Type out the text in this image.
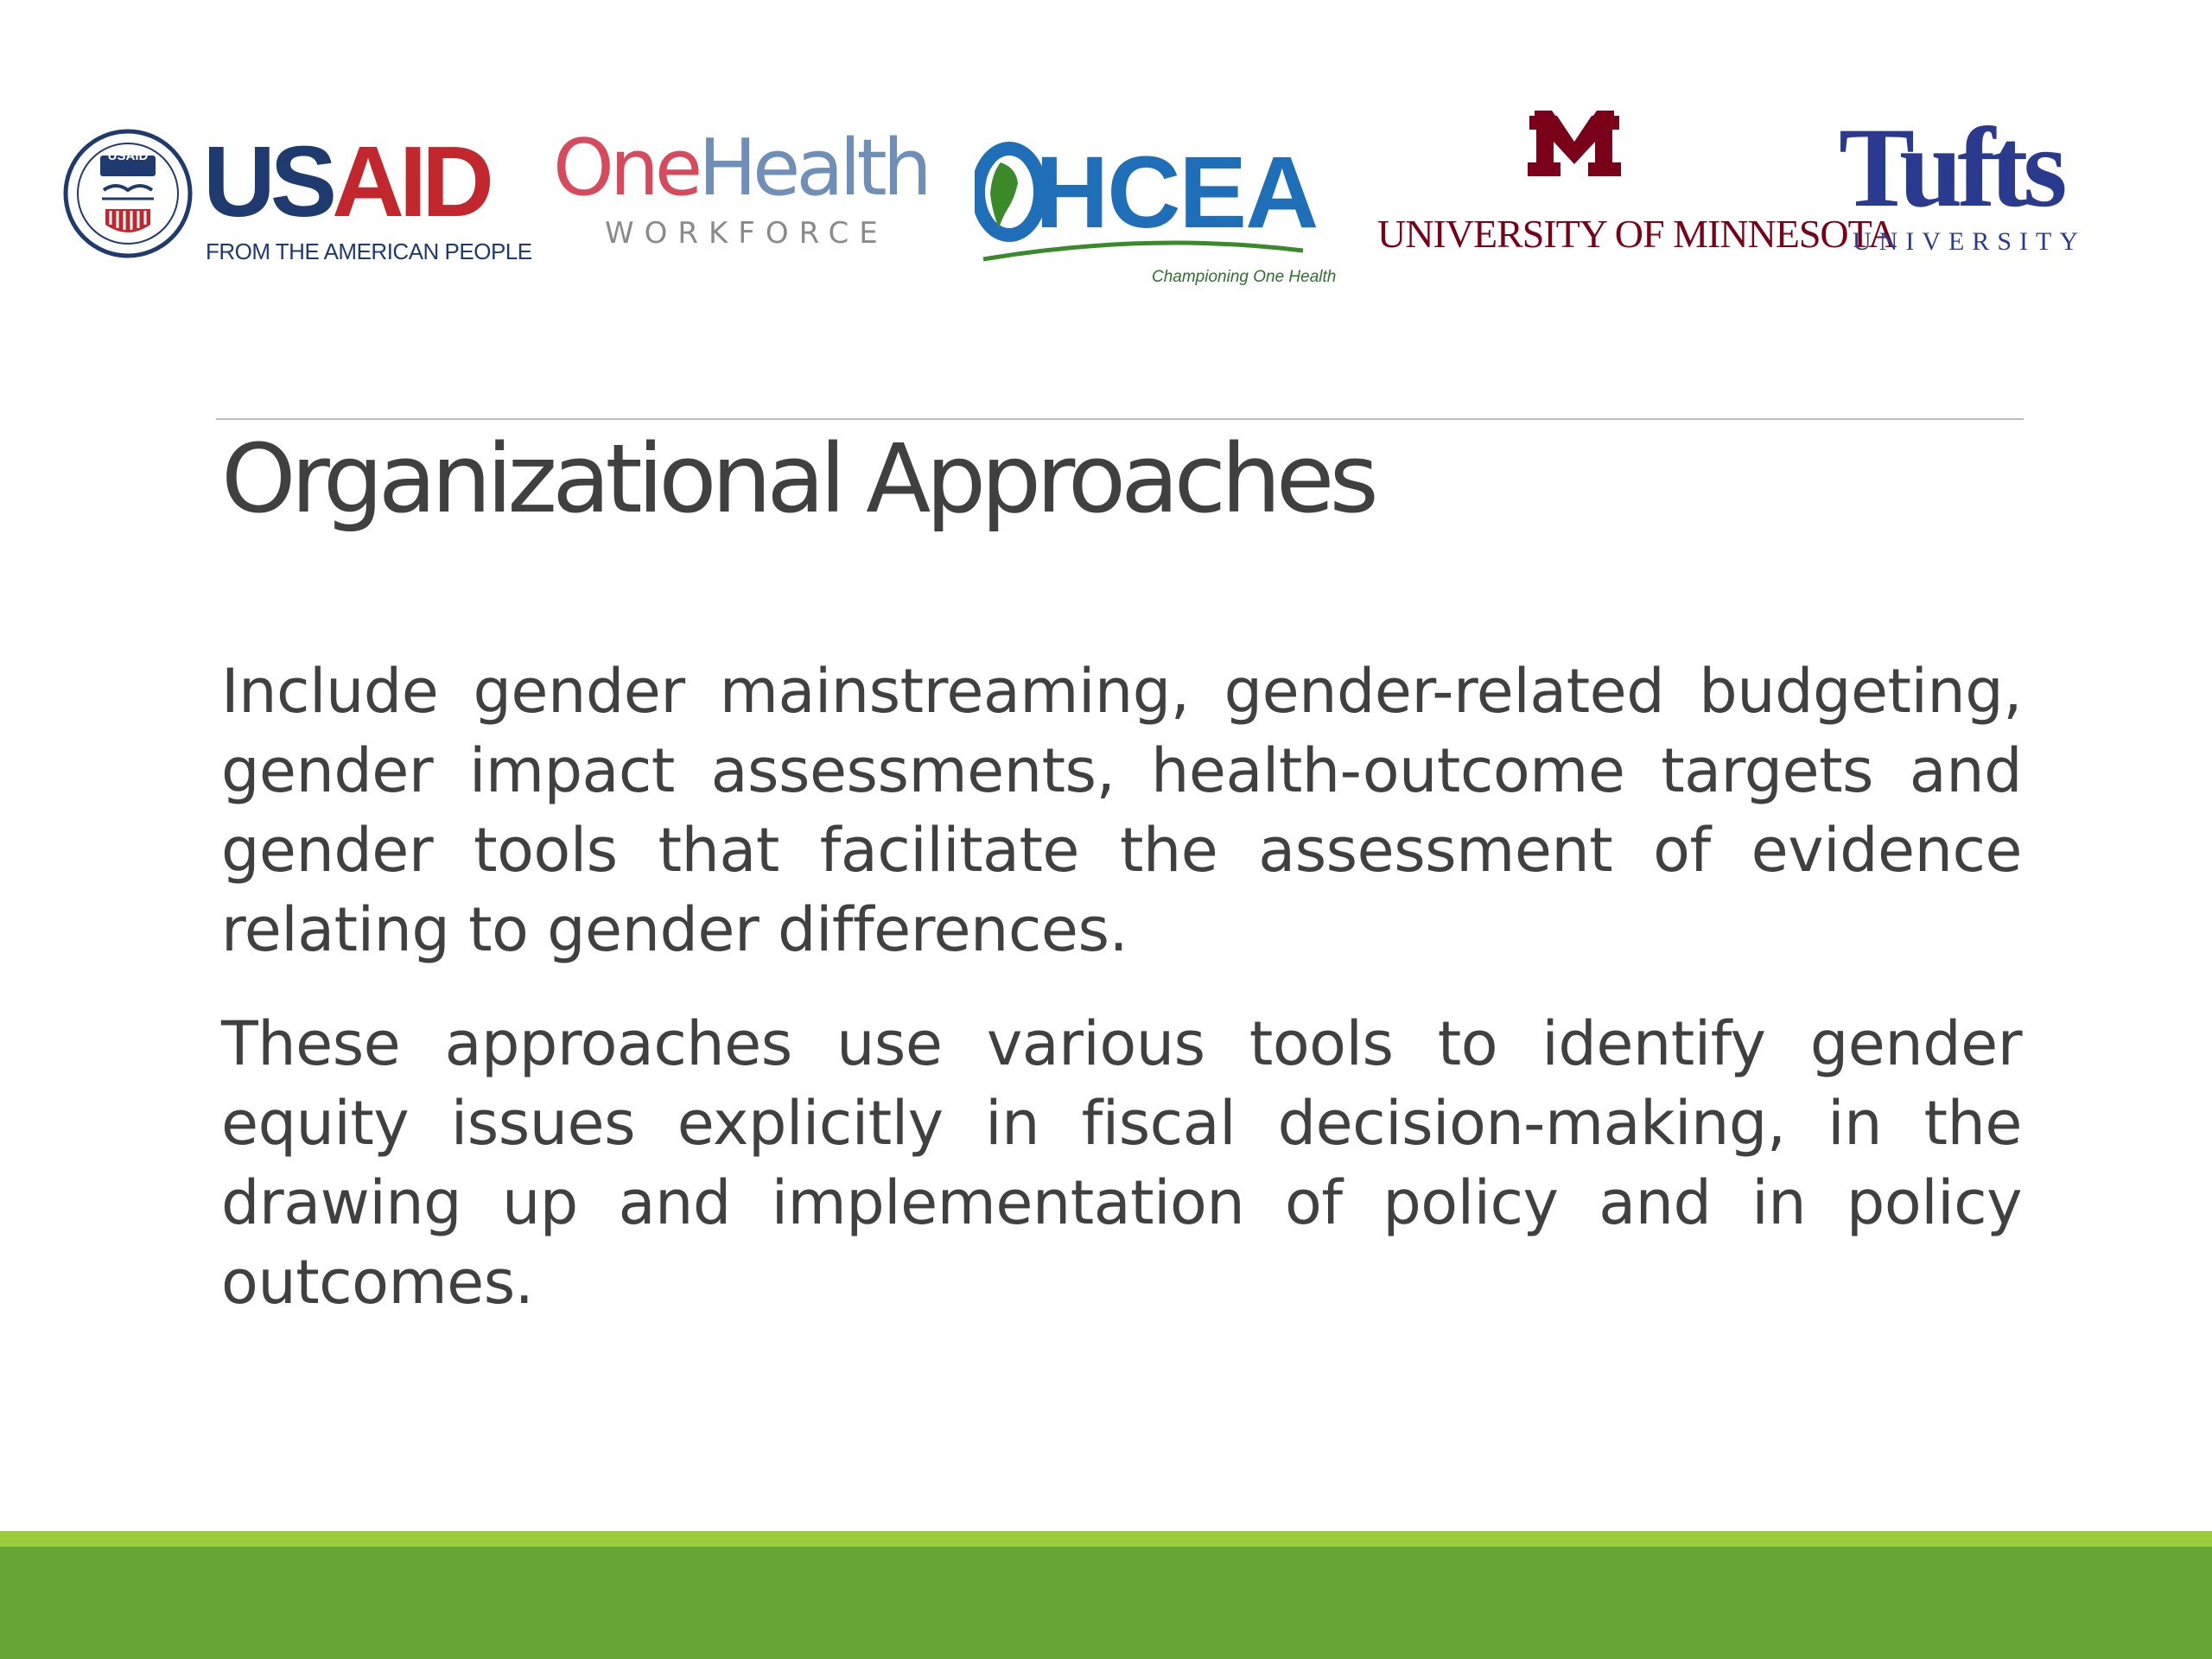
USAID USAID
FROM THE AMERICAN PEOPLE
OneHealth
WORKFORCE HCEA
Championing One Health
UNIVERSITY OF MINNESOTA
Tufts
UNIVERSITY
Organizational Approaches

Include gender mainstreaming, gender-related budgeting, gender impact assessments, health-outcome targets and gender tools that facilitate the assessment of evidence relating to gender differences.

These approaches use various tools to identify gender equity issues explicitly in fiscal decision-making, in the drawing up and implementation of policy and in policy outcomes.
